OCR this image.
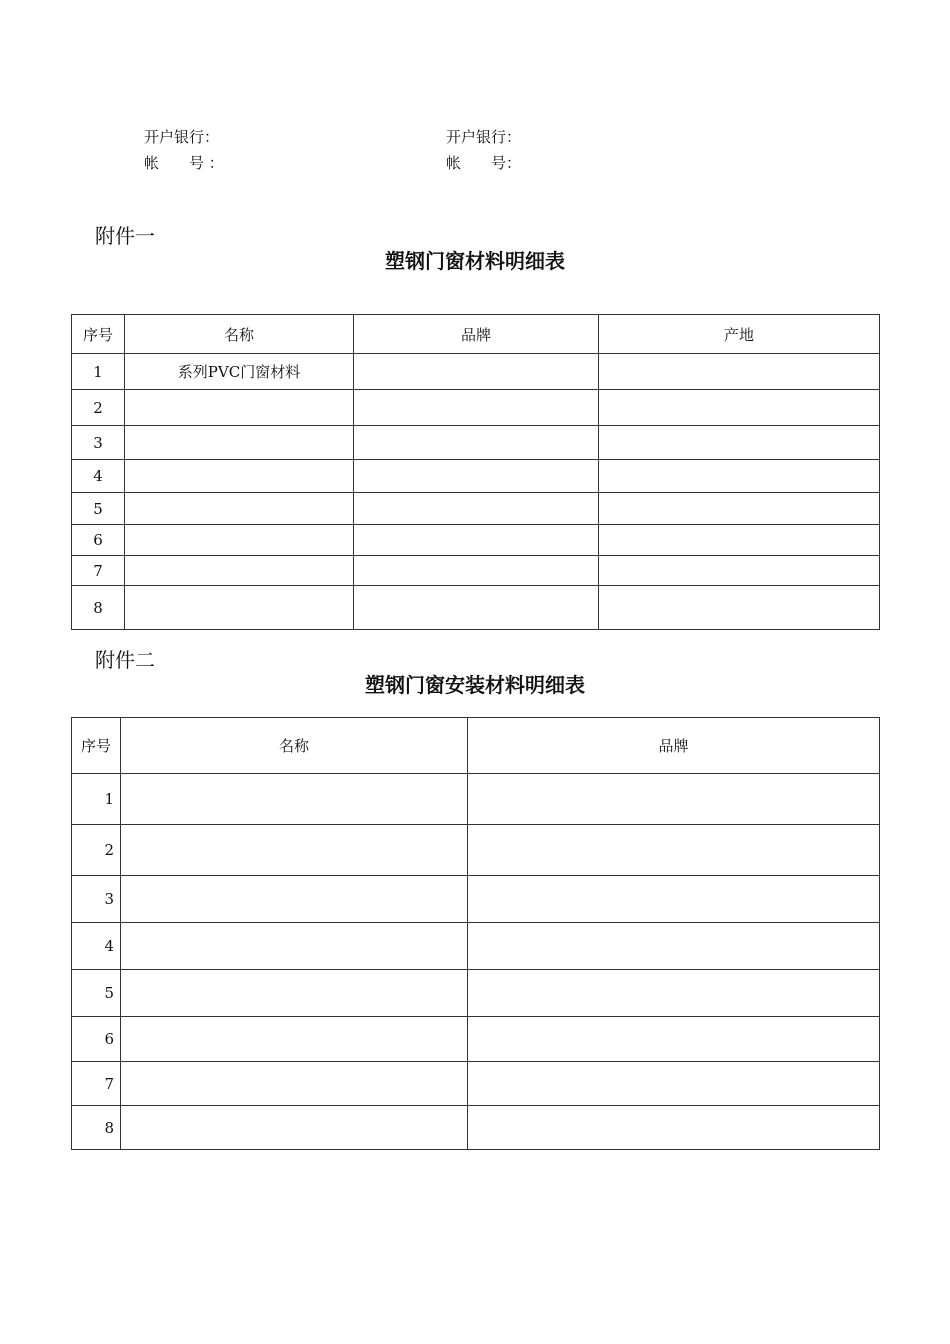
开户银行：
帐　　号 ：
开户银行：
帐　　号：
附件一
塑钢门窗材料明细表
序号	名称	品牌	产地
1	系列PVC门窗材料		
2			
3			
4			
5			
6			
7			
8			
附件二
塑钢门窗安装材料明细表
序号	名称	品牌
1		
2		
3		
4		
5		
6		
7		
8		
